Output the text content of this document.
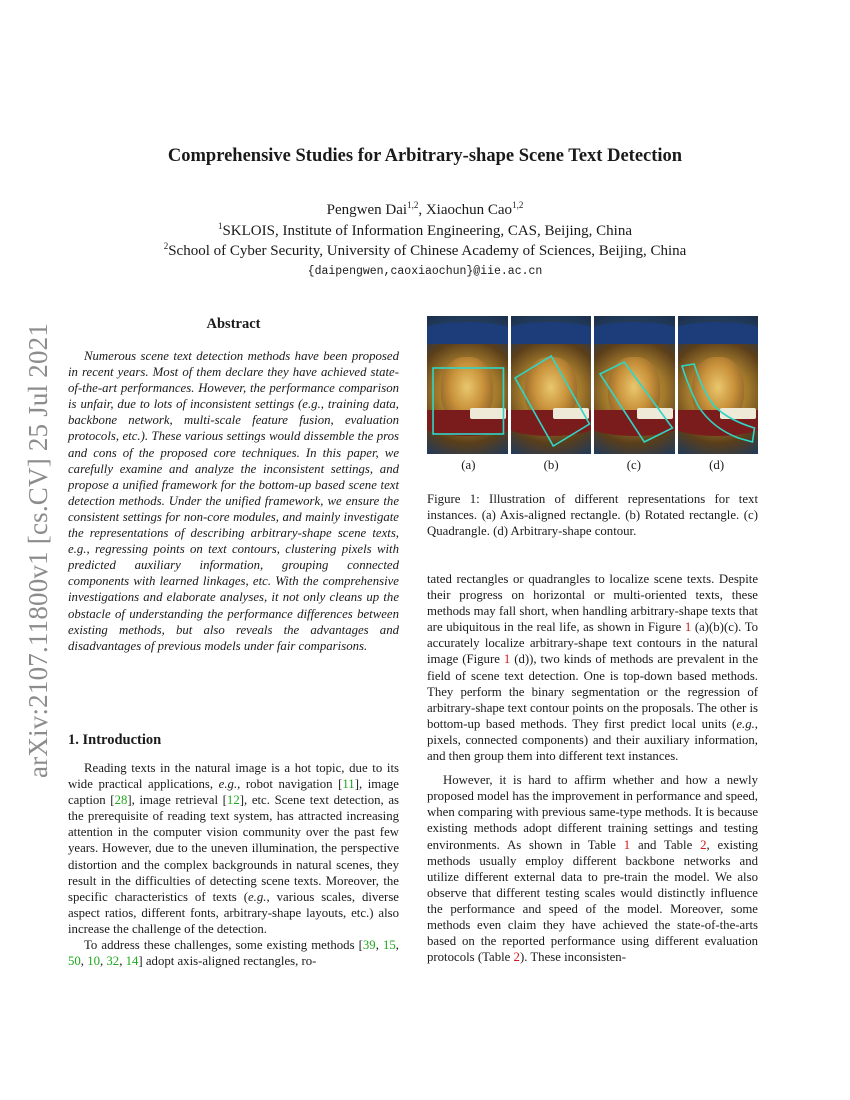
Comprehensive Studies for Arbitrary-shape Scene Text Detection
Pengwen Dai$^{1,2}$, Xiaochun Cao$^{1,2}$
$^1$SKLOIS, Institute of Information Engineering, CAS, Beijing, China
$^2$School of Cyber Security, University of Chinese Academy of Sciences, Beijing, China
{daipengwen,caoxiaochun}@iie.ac.cn
arXiv:2107.11800v1 [cs.CV] 25 Jul 2021	Abstract

Numerous scene text detection methods have been proposed in recent years. Most of them declare they have achieved state-of-the-art performances. However, the performance comparison is unfair, due to lots of inconsistent settings (e.g., training data, backbone network, multi-scale feature fusion, evaluation protocols, etc.). These various settings would dissemble the pros and cons of the proposed core techniques. In this paper, we carefully examine and analyze the inconsistent settings, and propose a unified framework for the bottom-up based scene text detection methods. Under the unified framework, we ensure the consistent settings for non-core modules, and mainly investigate the representations of describing arbitrary-shape scene texts, e.g., regressing points on text contours, clustering pixels with predicted auxiliary information, grouping connected components with learned linkages, etc. With the comprehensive investigations and elaborate analyses, it not only cleans up the obstacle of understanding the performance differences between existing methods, but also reveals the advantages and disadvantages of previous models under fair comparisons.

1. Introduction

Reading texts in the natural image is a hot topic, due to its wide practical applications, e.g., robot navigation [11], image caption [28], image retrieval [12], etc. Scene text detection, as the prerequisite of reading text system, has attracted increasing attention in the computer vision community over the past few years. However, due to the uneven illumination, the perspective distortion and the complex backgrounds in natural scenes, they result in the difficulties of detecting scene texts. Moreover, the specific characteristics of texts (e.g., various scales, diverse aspect ratios, different fonts, arbitrary-shape layouts, etc.) also increase the challenge of the detection.

To address these challenges, some existing methods [39, 15, 50, 10, 32, 14] adopt axis-aligned rectangles, ro-

(a)	(b)	(c)	(d)

Figure 1: Illustration of different representations for text instances. (a) Axis-aligned rectangle. (b) Rotated rectangle. (c) Quadrangle. (d) Arbitrary-shape contour.

tated rectangles or quadrangles to localize scene texts. Despite their progress on horizontal or multi-oriented texts, these methods may fall short, when handling arbitrary-shape texts that are ubiquitous in the real life, as shown in Figure 1 (a)(b)(c). To accurately localize arbitrary-shape text contours in the natural image (Figure 1 (d)), two kinds of methods are prevalent in the field of scene text detection. One is top-down based methods. They perform the binary segmentation or the regression of arbitrary-shape text contour points on the proposals. The other is bottom-up based methods. They first predict local units (e.g., pixels, connected components) and their auxiliary information, and then group them into different text instances.

However, it is hard to affirm whether and how a newly proposed model has the improvement in performance and speed, when comparing with previous same-type methods. It is because existing methods adopt different training settings and testing environments. As shown in Table 1 and Table 2, existing methods usually employ different backbone networks and utilize different external data to pre-train the model. We also observe that different testing scales would distinctly influence the performance and speed of the model. Moreover, some methods even claim they have achieved the state-of-the-arts based on the reported performance using different evaluation protocols (Table 2). These inconsisten-
